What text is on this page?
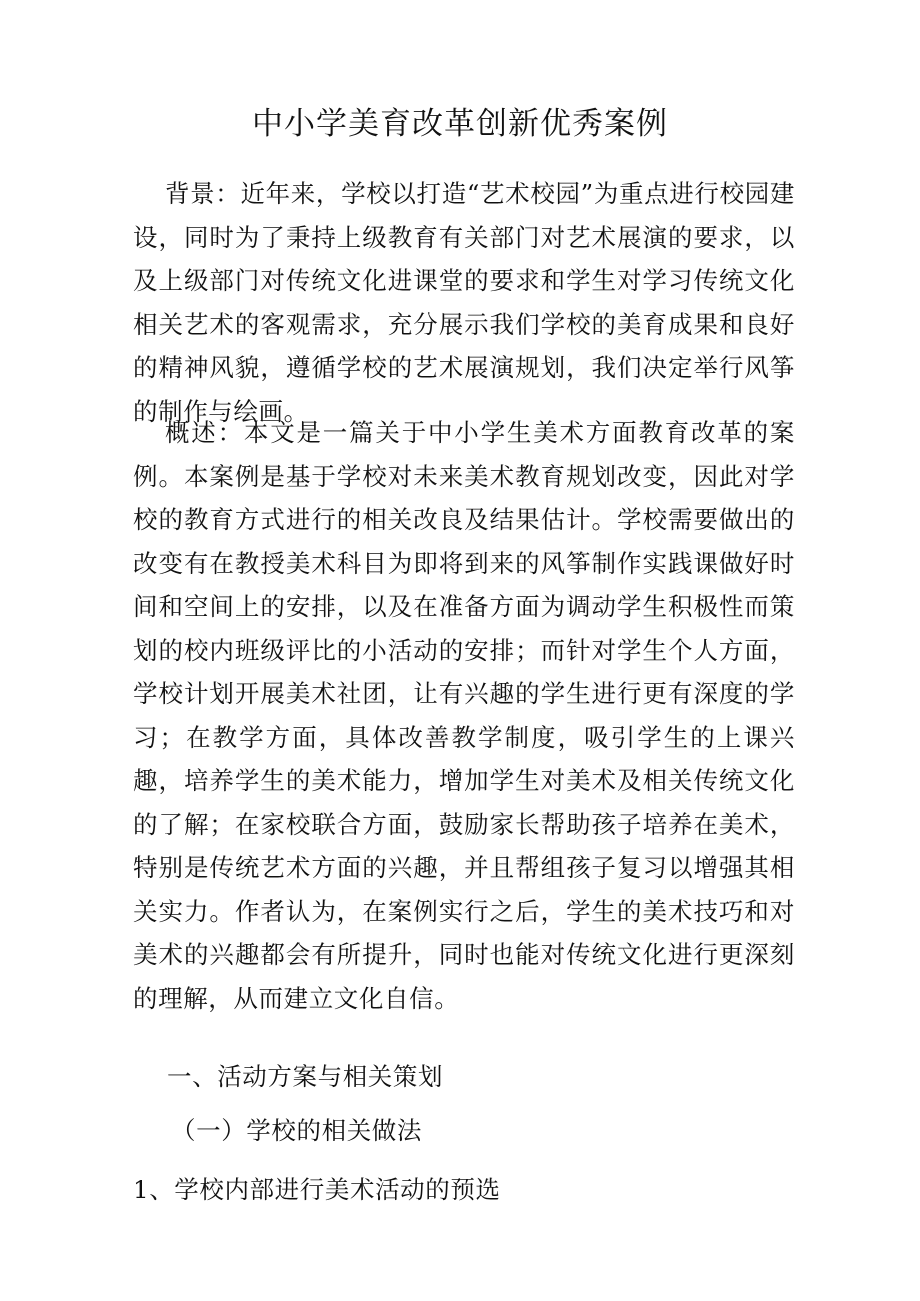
中小学美育改革创新优秀案例

背景：近年来，学校以打造“艺术校园”为重点进行校园建设，同时为了秉持上级教育有关部门对艺术展演的要求，以及上级部门对传统文化进课堂的要求和学生对学习传统文化相关艺术的客观需求，充分展示我们学校的美育成果和良好的精神风貌，遵循学校的艺术展演规划，我们决定举行风筝的制作与绘画。

概述：本文是一篇关于中小学生美术方面教育改革的案例。本案例是基于学校对未来美术教育规划改变，因此对学校的教育方式进行的相关改良及结果估计。学校需要做出的改变有在教授美术科目为即将到来的风筝制作实践课做好时间和空间上的安排，以及在准备方面为调动学生积极性而策划的校内班级评比的小活动的安排；而针对学生个人方面，学校计划开展美术社团，让有兴趣的学生进行更有深度的学习；在教学方面，具体改善教学制度，吸引学生的上课兴趣，培养学生的美术能力，增加学生对美术及相关传统文化的了解；在家校联合方面，鼓励家长帮助孩子培养在美术，特别是传统艺术方面的兴趣，并且帮组孩子复习以增强其相关实力。作者认为，在案例实行之后，学生的美术技巧和对美术的兴趣都会有所提升，同时也能对传统文化进行更深刻的理解，从而建立文化自信。

一、活动方案与相关策划

（一）学校的相关做法

1、学校内部进行美术活动的预选
